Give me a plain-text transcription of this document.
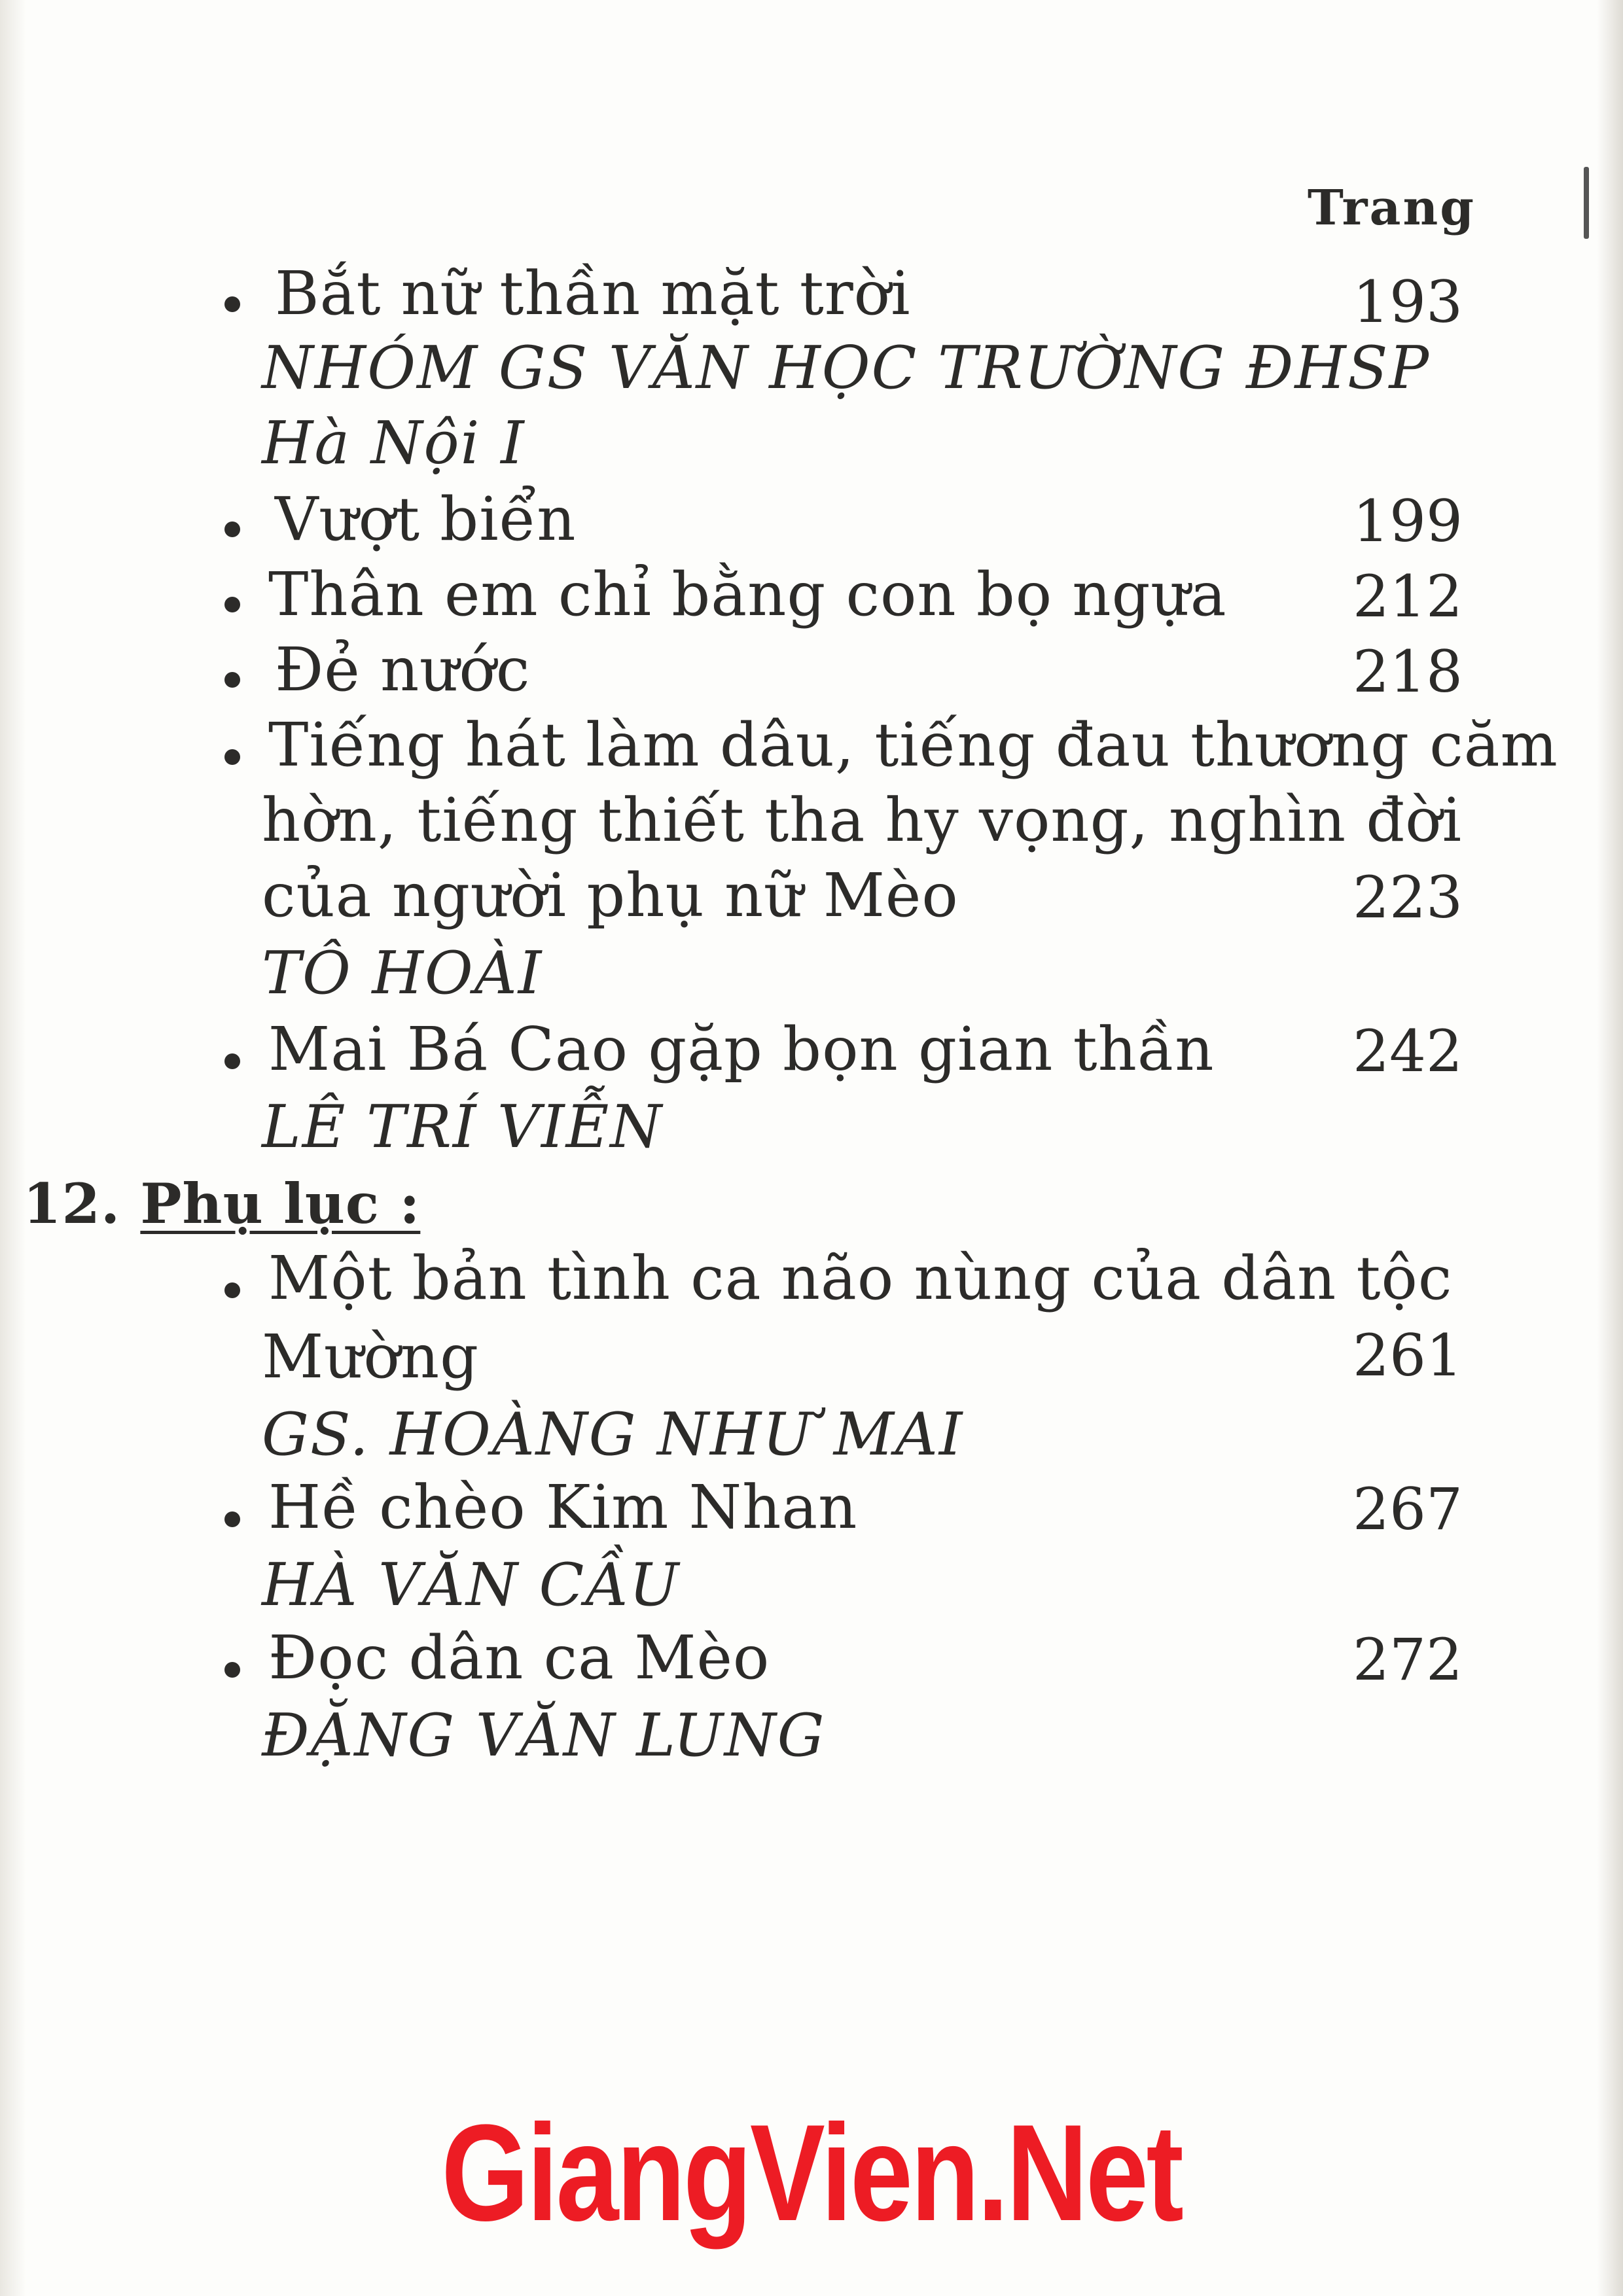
Trang
Bắt nữ thần mặt trời	193
NHÓM GS VĂN HỌC TRƯỜNG ĐHSP
Hà Nội I
Vượt biển	199
Thân em chỉ bằng con bọ ngựa 212
Đẻ nước	218
Tiếng hát làm dâu, tiếng đau thương căm
hờn, tiếng thiết tha hy vọng, nghìn đời
của người phụ nữ Mèo	223
TÔ HOÀI
Mai Bá Cao gặp bọn gian thần 242
LÊ TRÍ VIỄN
12. Phụ lục :
Một bản tình ca não nùng của dân tộc
Mường	261
GS. HOÀNG NHƯ MAI
Hề chèo Kim Nhan	267
HÀ VĂN CẦU
Đọc dân ca Mèo	272
ĐẶNG VĂN LUNG
GiangVien.Net
